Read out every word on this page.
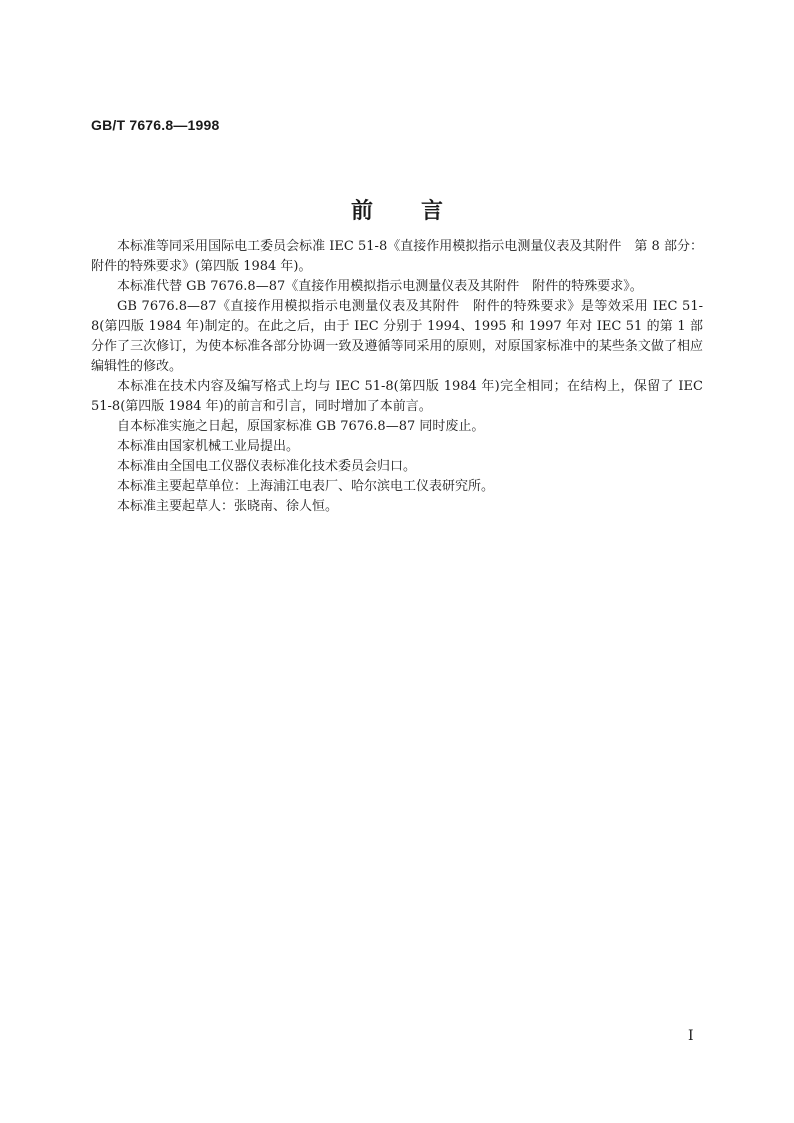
GB/T 7676.8—1998
前 言

本标准等同采用国际电工委员会标准 IEC 51-8《直接作用模拟指示电测量仪表及其附件　第 8 部分：附件的特殊要求》(第四版 1984 年)。

本标准代替 GB 7676.8—87《直接作用模拟指示电测量仪表及其附件　附件的特殊要求》。

GB 7676.8—87《直接作用模拟指示电测量仪表及其附件　附件的特殊要求》是等效采用 IEC 51-8(第四版 1984 年)制定的。在此之后，由于 IEC 分别于 1994、1995 和 1997 年对 IEC 51 的第 1 部分作了三次修订，为使本标准各部分协调一致及遵循等同采用的原则，对原国家标准中的某些条文做了相应编辑性的修改。

本标准在技术内容及编写格式上均与 IEC 51-8(第四版 1984 年)完全相同；在结构上，保留了 IEC 51-8(第四版 1984 年)的前言和引言，同时增加了本前言。

自本标准实施之日起，原国家标准 GB 7676.8—87 同时废止。

本标准由国家机械工业局提出。

本标准由全国电工仪器仪表标准化技术委员会归口。

本标准主要起草单位：上海浦江电表厂、哈尔滨电工仪表研究所。

本标准主要起草人：张晓南、徐人恒。

I
